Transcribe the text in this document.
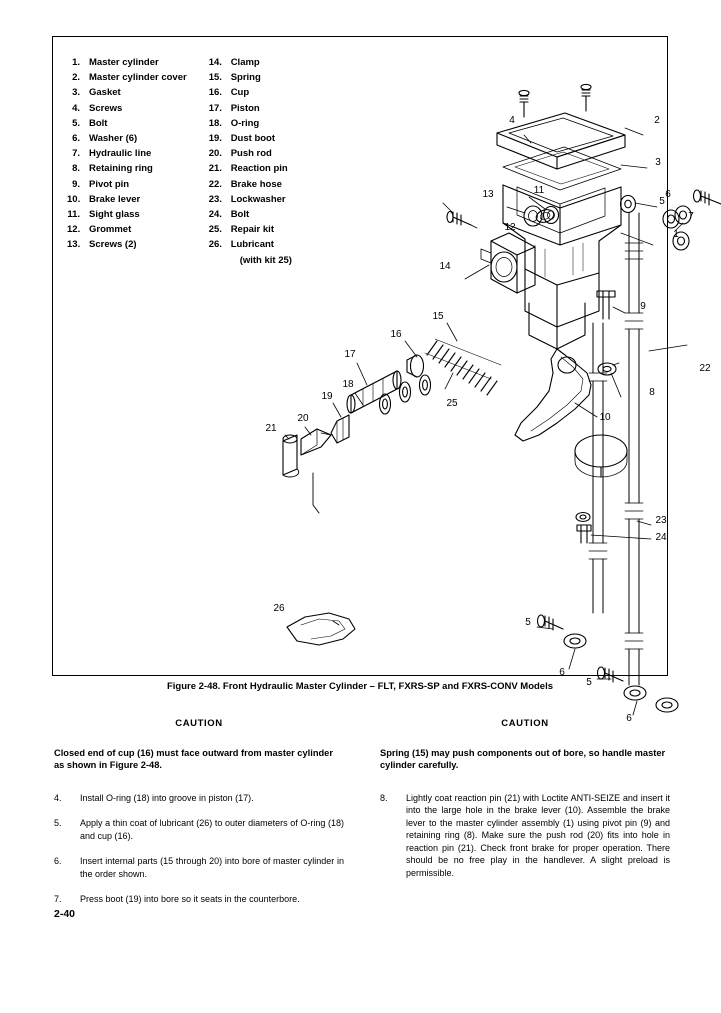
1. Master cylinder
2. Master cylinder cover
3. Gasket
4. Screws
5. Bolt
6. Washer (6)
7. Hydraulic line
8. Retaining ring
9. Pivot pin
10. Brake lever
11. Sight glass
12. Grommet
13. Screws (2)
14. Clamp
15. Spring
16. Cup
17. Piston
18. O-ring
19. Dust boot
20. Push rod
21. Reaction pin
22. Brake hose
23. Lockwasher
24. Bolt
25. Repair kit
26. Lubricant
(with kit 25)
4	2
3
5
6
7
1
13	11
12
14
9
8
10
22
15
16
17
18
19
20
21
25
26
5
6
5
6
23
24
Figure 2-48. Front Hydraulic Master Cylinder – FLT, FXRS-SP and FXRS-CONV Models
CAUTION
Closed end of cup (16) must face outward from master cylinder as shown in Figure 2-48.
4.	Install O-ring (18) into groove in piston (17).
5.	Apply a thin coat of lubricant (26) to outer diameters of O-ring (18) and cup (16).
6.	Insert internal parts (15 through 20) into bore of master cylinder in the order shown.
7.	Press boot (19) into bore so it seats in the counterbore.
CAUTION
Spring (15) may push components out of bore, so handle master cylinder carefully.
8.	Lightly coat reaction pin (21) with Loctite ANTI-SEIZE and insert it into the large hole in the brake lever (10). Assemble the brake lever to the master cylinder assembly (1) using pivot pin (9) and retaining ring (8). Make sure the push rod (20) fits into hole in reaction pin (21). Check front brake for proper operation. There should be no free play in the handlever. A slight preload is permissible.
2-40
